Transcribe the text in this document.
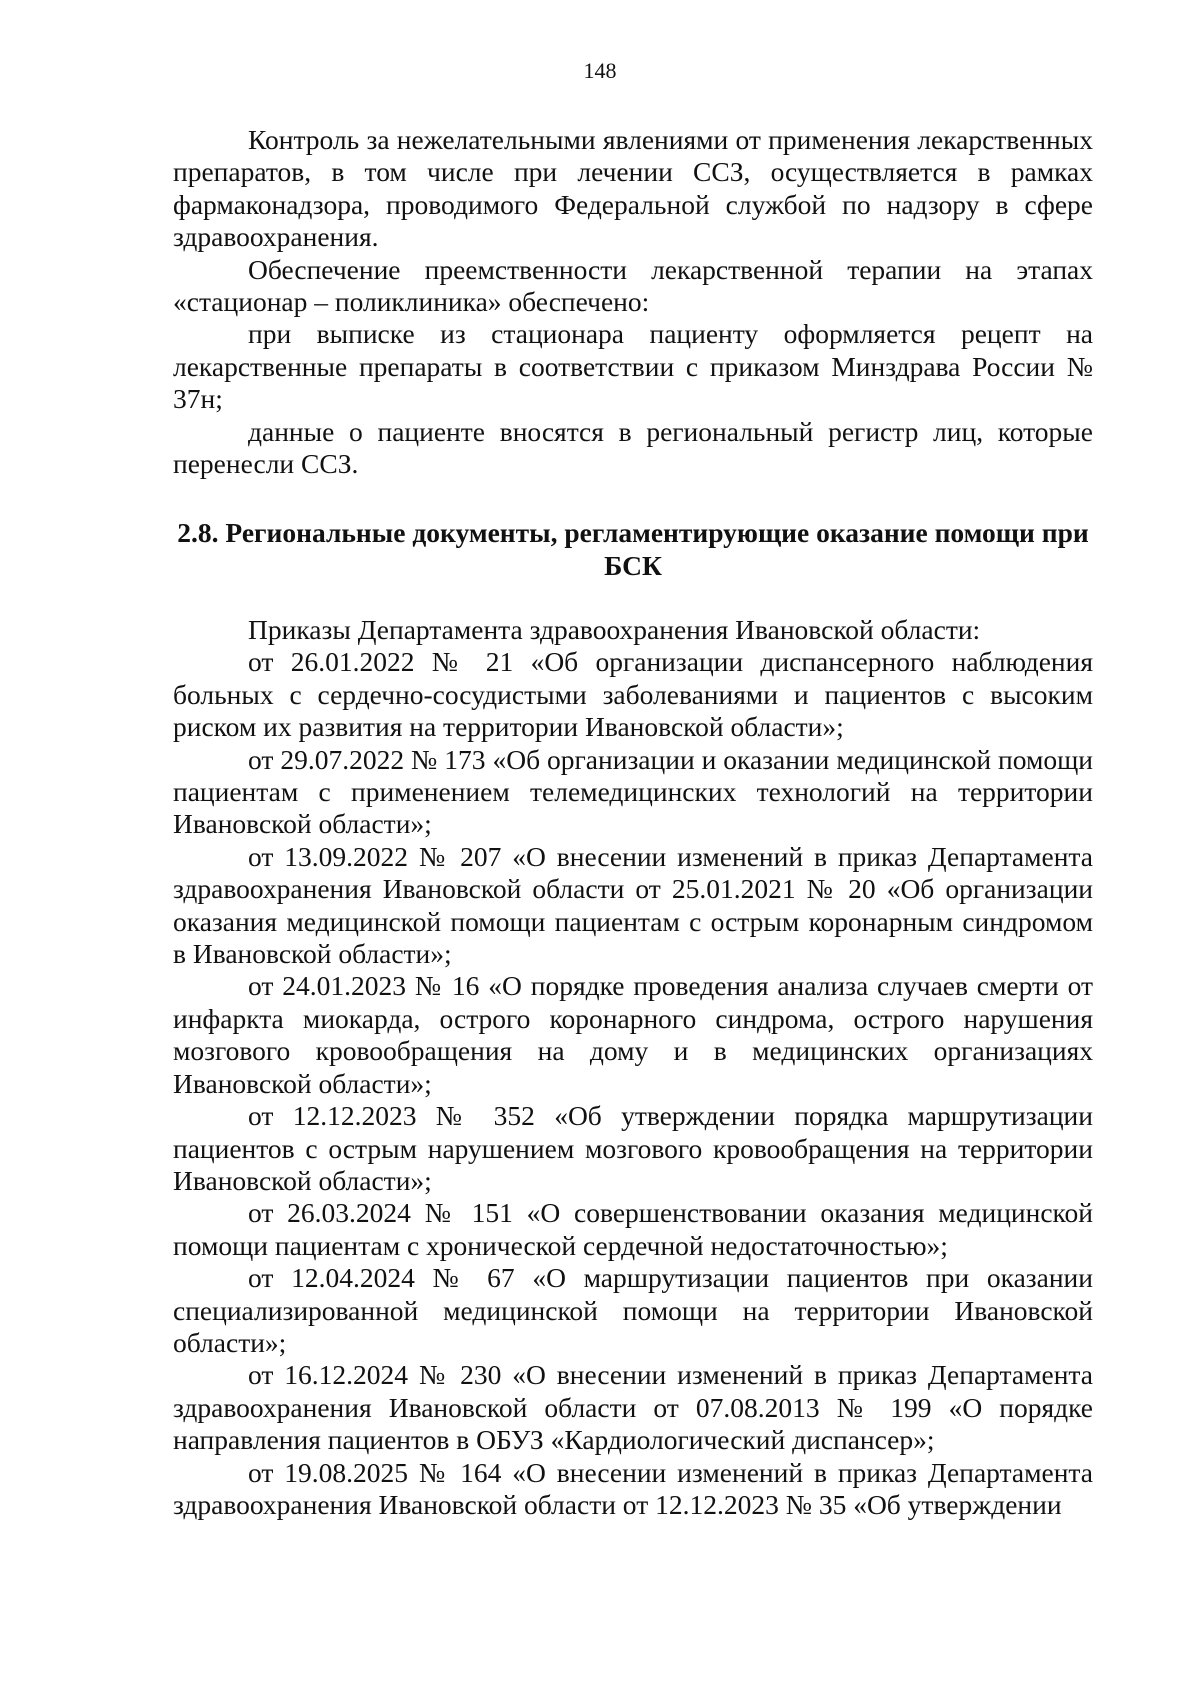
148

Контроль за нежелательными явлениями от применения лекарственных препаратов, в том числе при лечении ССЗ, осуществляется в рамках фармаконадзора, проводимого Федеральной службой по надзору в сфере здравоохранения.

Обеспечение преемственности лекарственной терапии на этапах «стационар – поликлиника» обеспечено:

при выписке из стационара пациенту оформляется рецепт на лекарственные препараты в соответствии с приказом Минздрава России № 37н;

данные о пациенте вносятся в региональный регистр лиц, которые перенесли ССЗ.

2.8. Региональные документы, регламентирующие оказание помощи при БСК

Приказы Департамента здравоохранения Ивановской области:

от 26.01.2022 № 21 «Об организации диспансерного наблюдения больных с сердечно-сосудистыми заболеваниями и пациентов с высоким риском их развития на территории Ивановской области»;

от 29.07.2022 № 173 «Об организации и оказании медицинской помощи пациентам с применением телемедицинских технологий на территории Ивановской области»;

от 13.09.2022 № 207 «О внесении изменений в приказ Департамента здравоохранения Ивановской области от 25.01.2021 № 20 «Об организации оказания медицинской помощи пациентам с острым коронарным синдромом в Ивановской области»;

от 24.01.2023 № 16 «О порядке проведения анализа случаев смерти от инфаркта миокарда, острого коронарного синдрома, острого нарушения мозгового кровообращения на дому и в медицинских организациях Ивановской области»;

от 12.12.2023 № 352 «Об утверждении порядка маршрутизации пациентов с острым нарушением мозгового кровообращения на территории Ивановской области»;

от 26.03.2024 № 151 «О совершенствовании оказания медицинской помощи пациентам с хронической сердечной недостаточностью»;

от 12.04.2024 № 67 «О маршрутизации пациентов при оказании специализированной медицинской помощи на территории Ивановской области»;

от 16.12.2024 № 230 «О внесении изменений в приказ Департамента здравоохранения Ивановской области от 07.08.2013 № 199 «О порядке направления пациентов в ОБУЗ «Кардиологический диспансер»;

от 19.08.2025 № 164 «О внесении изменений в приказ Департамента здравоохранения Ивановской области от 12.12.2023 № 35 «Об утверждении
